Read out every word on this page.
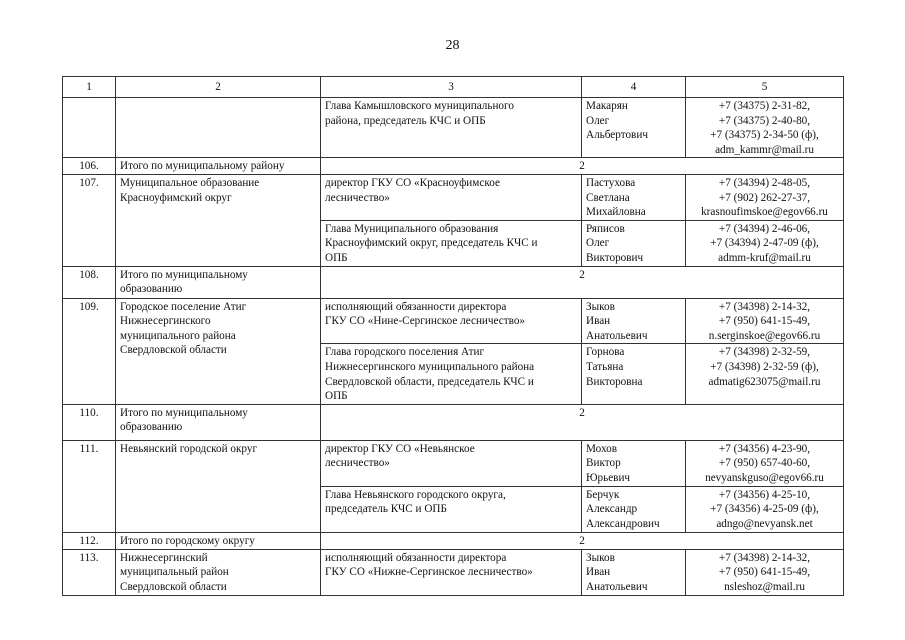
28
1	2	3	4	5

		Глава Камышловского муниципального
района, председатель КЧС и ОПБ	Макарян
Олег
Альбертович	+7 (34375) 2-31-82,
+7 (34375) 2-40-80,
+7 (34375) 2-34-50 (ф),
adm_kammr@mail.ru

106.	Итого по муниципальному району	2		
107.	Муниципальное образование
Красноуфимский округ	директор ГКУ СО «Красноуфимское
лесничество»	Пастухова
Светлана
Михайловна	+7 (34394) 2-48-05,
+7 (902) 262-27-37,
krasnoufimskoe@egov66.ru

		Глава Муниципального образования
Красноуфимский округ, председатель КЧС и
ОПБ	Ряписов
Олег
Викторович	+7 (34394) 2-46-06,
+7 (34394) 2-47-09 (ф),
admm-kruf@mail.ru

108.	Итого по муниципальному
образованию	2		
109.	Городское поселение Атиг
Нижнесергинского
муниципального района
Свердловской области	исполняющий обязанности директора
ГКУ СО «Нине-Сергинское лесничество»	Зыков
Иван
Анатольевич	+7 (34398) 2-14-32,
+7 (950) 641-15-49,
n.serginskoe@egov66.ru

		Глава городского поселения Атиг
Нижнесергинского муниципального района
Свердловской области, председатель КЧС и
ОПБ	Горнова
Татьяна
Викторовна	+7 (34398) 2-32-59,
+7 (34398) 2-32-59 (ф),
admatig623075@mail.ru

110.	Итого по муниципальному
образованию	2		
111.	Невьянский городской округ	директор ГКУ СО «Невьянское
лесничество»	Мохов
Виктор
Юрьевич	+7 (34356) 4-23-90,
+7 (950) 657-40-60,
nevyanskguso@egov66.ru

		Глава Невьянского городского округа,
председатель КЧС и ОПБ	Берчук
Александр
Александрович	+7 (34356) 4-25-10,
+7 (34356) 4-25-09 (ф),
adngo@nevyansk.net

112.	Итого по городскому округу	2		
113.	Нижнесергинский
муниципальный район
Свердловской области	исполняющий обязанности директора
ГКУ СО «Нижне-Сергинское лесничество»	Зыков
Иван
Анатольевич	+7 (34398) 2-14-32,
+7 (950) 641-15-49,
nsleshoz@mail.ru
